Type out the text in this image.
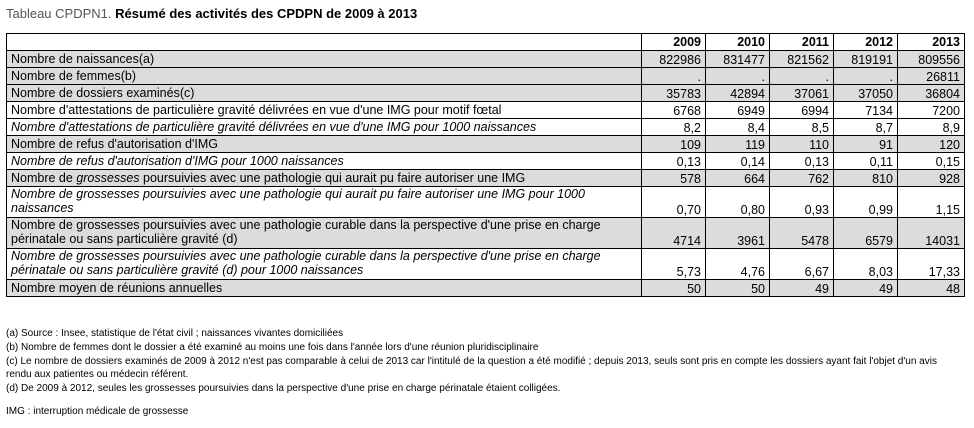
Tableau CPDPN1. Résumé des activités des CPDPN de 2009 à 2013
	2009	2010	2011	2012	2013
Nombre de naissances(a)	822986	831477	821562	819191	809556
Nombre de femmes(b)	.	.	.	.	26811
Nombre de dossiers examinés(c)	35783	42894	37061	37050	36804
Nombre d'attestations de particulière gravité délivrées en vue d'une IMG pour motif fœtal	6768	6949	6994	7134	7200
Nombre d'attestations de particulière gravité délivrées en vue d'une IMG pour 1000 naissances	8,2	8,4	8,5	8,7	8,9
Nombre de refus d'autorisation d'IMG	109	119	110	91	120
Nombre de refus d'autorisation d'IMG pour 1000 naissances	0,13	0,14	0,13	0,11	0,15
Nombre de grossesses poursuivies avec une pathologie qui aurait pu faire autoriser une IMG	578	664	762	810	928
Nombre de grossesses poursuivies avec une pathologie qui aurait pu faire autoriser une IMG pour 1000 naissances	0,70	0,80	0,93	0,99	1,15
Nombre de grossesses poursuivies avec une pathologie curable dans la perspective d'une prise en charge périnatale ou sans particulière gravité (d)	4714	3961	5478	6579	14031
Nombre de grossesses poursuivies avec une pathologie curable dans la perspective d'une prise en charge périnatale ou sans particulière gravité (d) pour 1000 naissances	5,73	4,76	6,67	8,03	17,33
Nombre moyen de réunions annuelles	50	50	49	49	48
(a) Source : Insee, statistique de l'état civil ; naissances vivantes domiciliées
(b) Nombre de femmes dont le dossier a été examiné au moins une fois dans l'année lors d'une réunion pluridisciplinaire
(c) Le nombre de dossiers examinés de 2009 à 2012 n'est pas comparable à celui de 2013 car l'intitulé de la question a été modifié ; depuis 2013, seuls sont pris en compte les dossiers ayant fait l'objet d'un avis rendu aux patientes ou médecin référent.
(d) De 2009 à 2012, seules les grossesses poursuivies dans la perspective d'une prise en charge périnatale étaient colligées.
IMG : interruption médicale de grossesse
